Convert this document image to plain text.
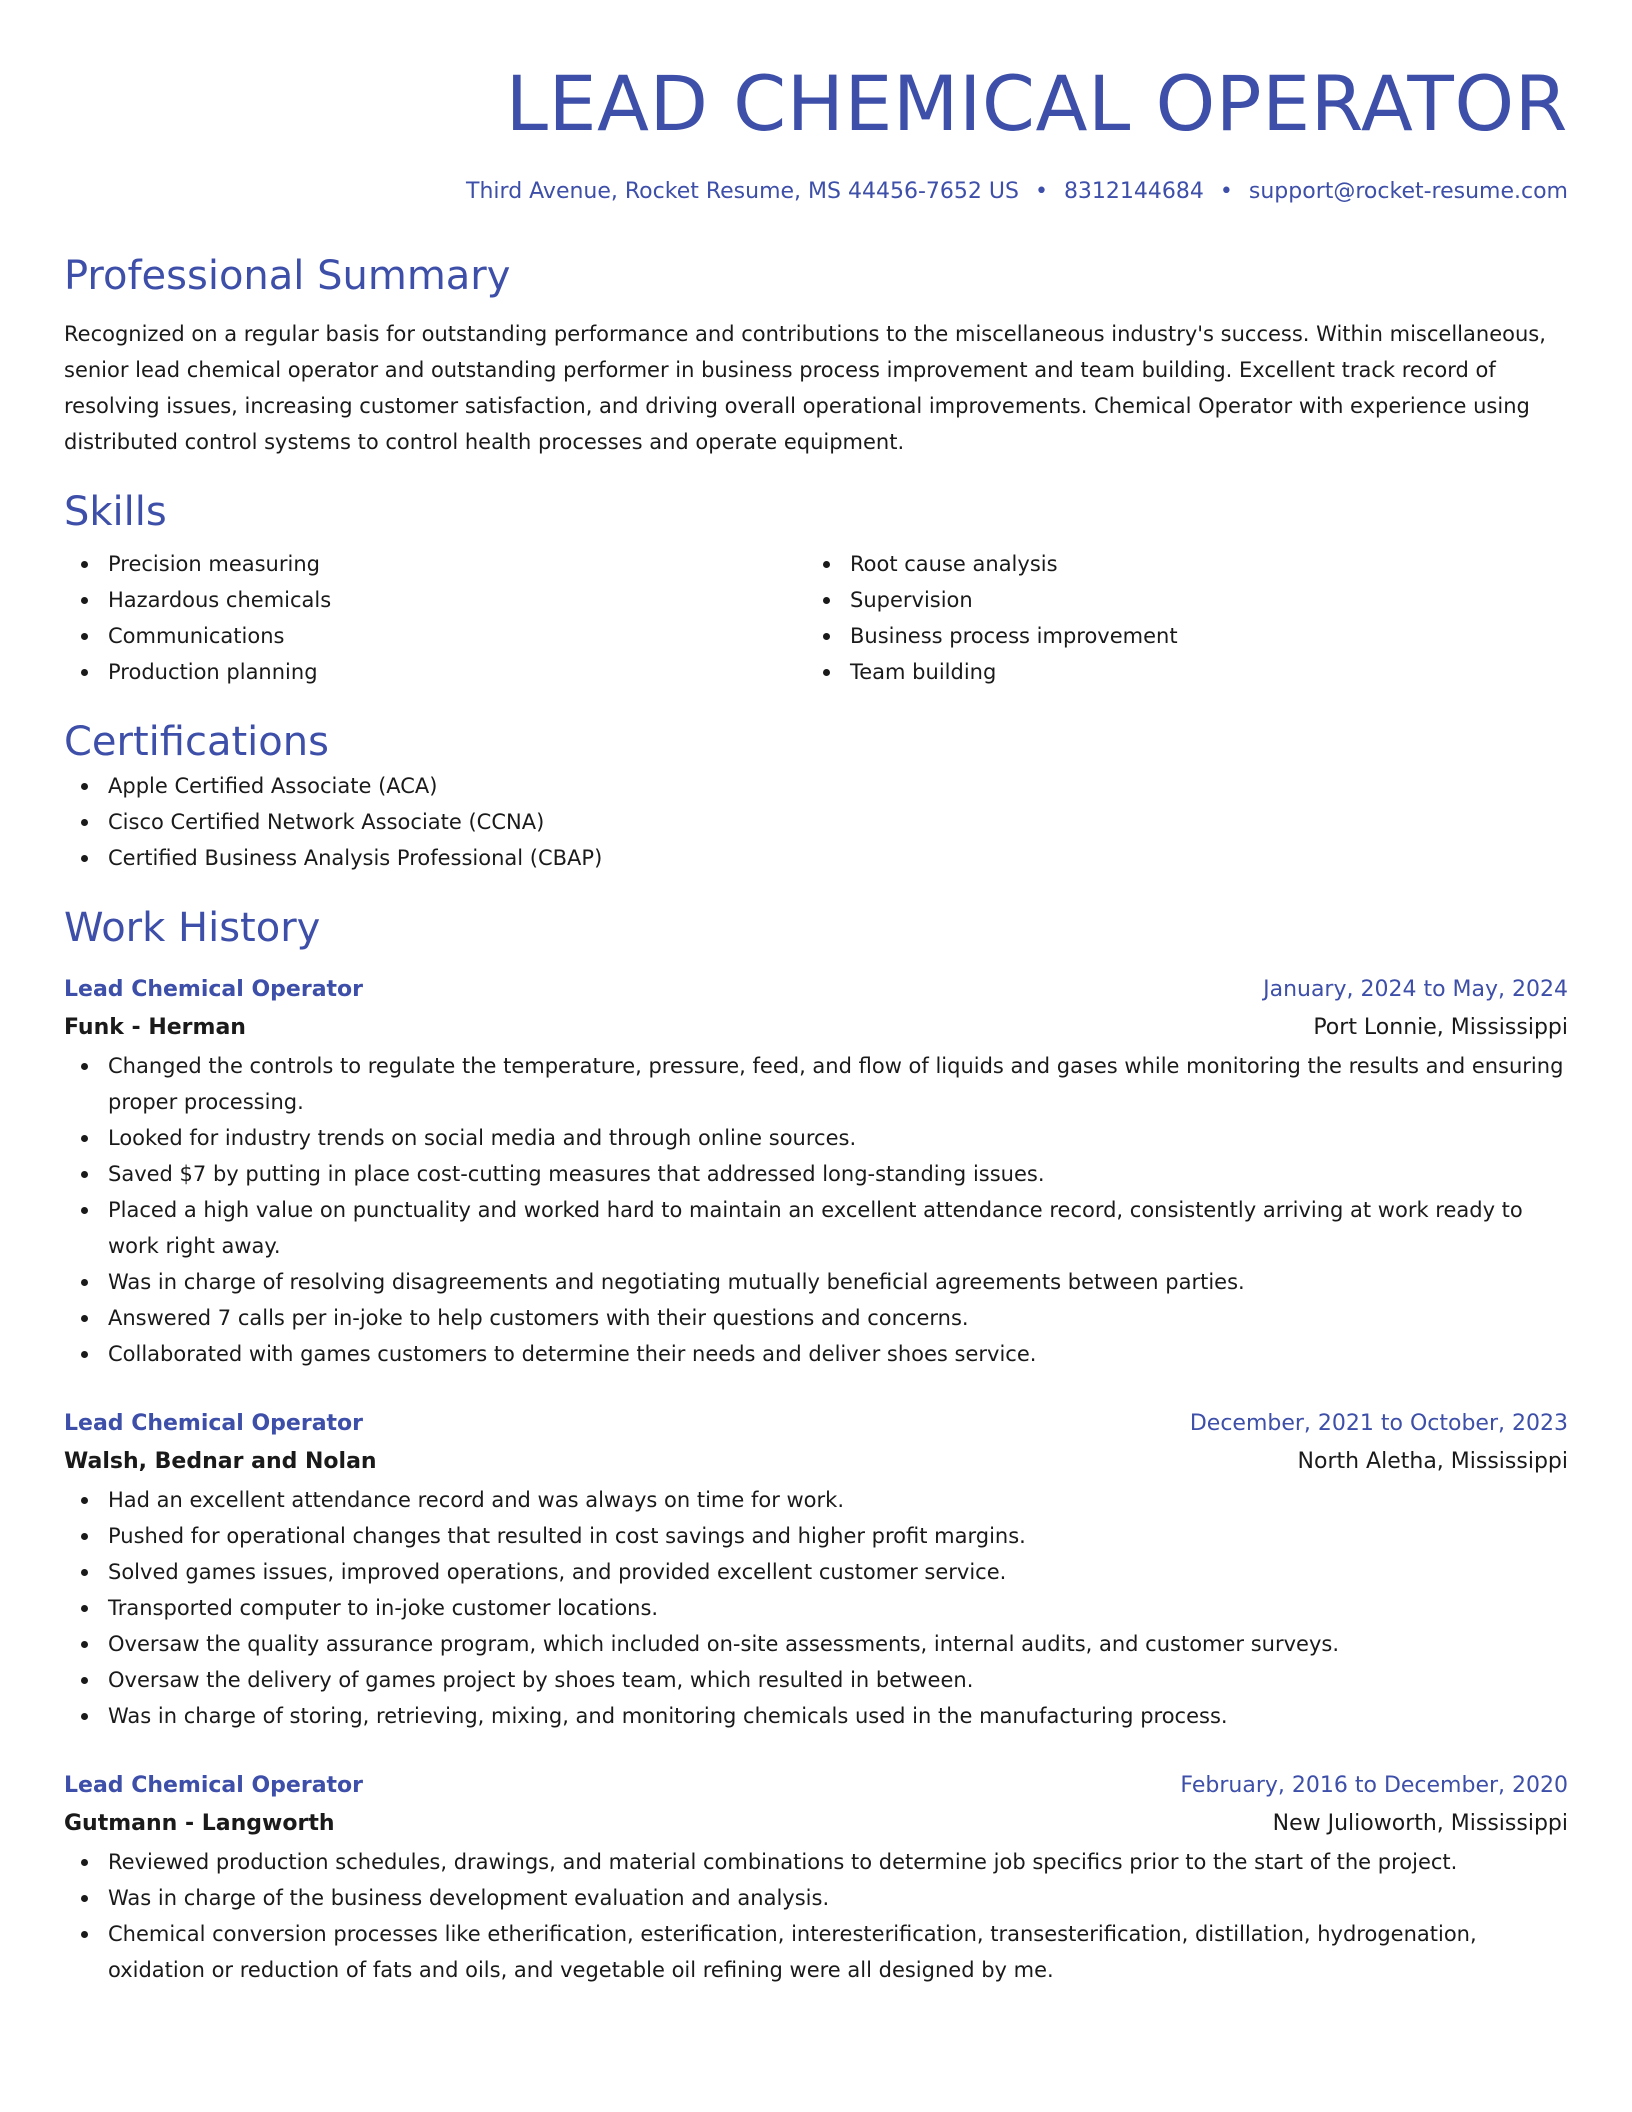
LEAD CHEMICAL OPERATOR
Third Avenue, Rocket Resume, MS 44456-7652 US • 8312144684 • support@rocket-resume.com
Professional Summary
Recognized on a regular basis for outstanding performance and contributions to the miscellaneous industry's success. Within miscellaneous, senior lead chemical operator and outstanding performer in business process improvement and team building. Excellent track record of resolving issues, increasing customer satisfaction, and driving overall operational improvements. Chemical Operator with experience using distributed control systems to control health processes and operate equipment.
Skills
Precision measuring
Hazardous chemicals
Communications
Production planning
Root cause analysis
Supervision
Business process improvement
Team building
Certifications
Apple Certified Associate (ACA)
Cisco Certified Network Associate (CCNA)
Certified Business Analysis Professional (CBAP)
Work History
Lead Chemical Operator	January, 2024 to May, 2024
Funk - Herman	Port Lonnie, Mississippi
Changed the controls to regulate the temperature, pressure, feed, and flow of liquids and gases while monitoring the results and ensuring proper processing.
Looked for industry trends on social media and through online sources.
Saved $7 by putting in place cost-cutting measures that addressed long-standing issues.
Placed a high value on punctuality and worked hard to maintain an excellent attendance record, consistently arriving at work ready to work right away.
Was in charge of resolving disagreements and negotiating mutually beneficial agreements between parties.
Answered 7 calls per in-joke to help customers with their questions and concerns.
Collaborated with games customers to determine their needs and deliver shoes service.
Lead Chemical Operator	December, 2021 to October, 2023
Walsh, Bednar and Nolan	North Aletha, Mississippi
Had an excellent attendance record and was always on time for work.
Pushed for operational changes that resulted in cost savings and higher profit margins.
Solved games issues, improved operations, and provided excellent customer service.
Transported computer to in-joke customer locations.
Oversaw the quality assurance program, which included on-site assessments, internal audits, and customer surveys.
Oversaw the delivery of games project by shoes team, which resulted in between.
Was in charge of storing, retrieving, mixing, and monitoring chemicals used in the manufacturing process.
Lead Chemical Operator	February, 2016 to December, 2020
Gutmann - Langworth	New Julioworth, Mississippi
Reviewed production schedules, drawings, and material combinations to determine job specifics prior to the start of the project.
Was in charge of the business development evaluation and analysis.
Chemical conversion processes like etherification, esterification, interesterification, transesterification, distillation, hydrogenation, oxidation or reduction of fats and oils, and vegetable oil refining were all designed by me.
